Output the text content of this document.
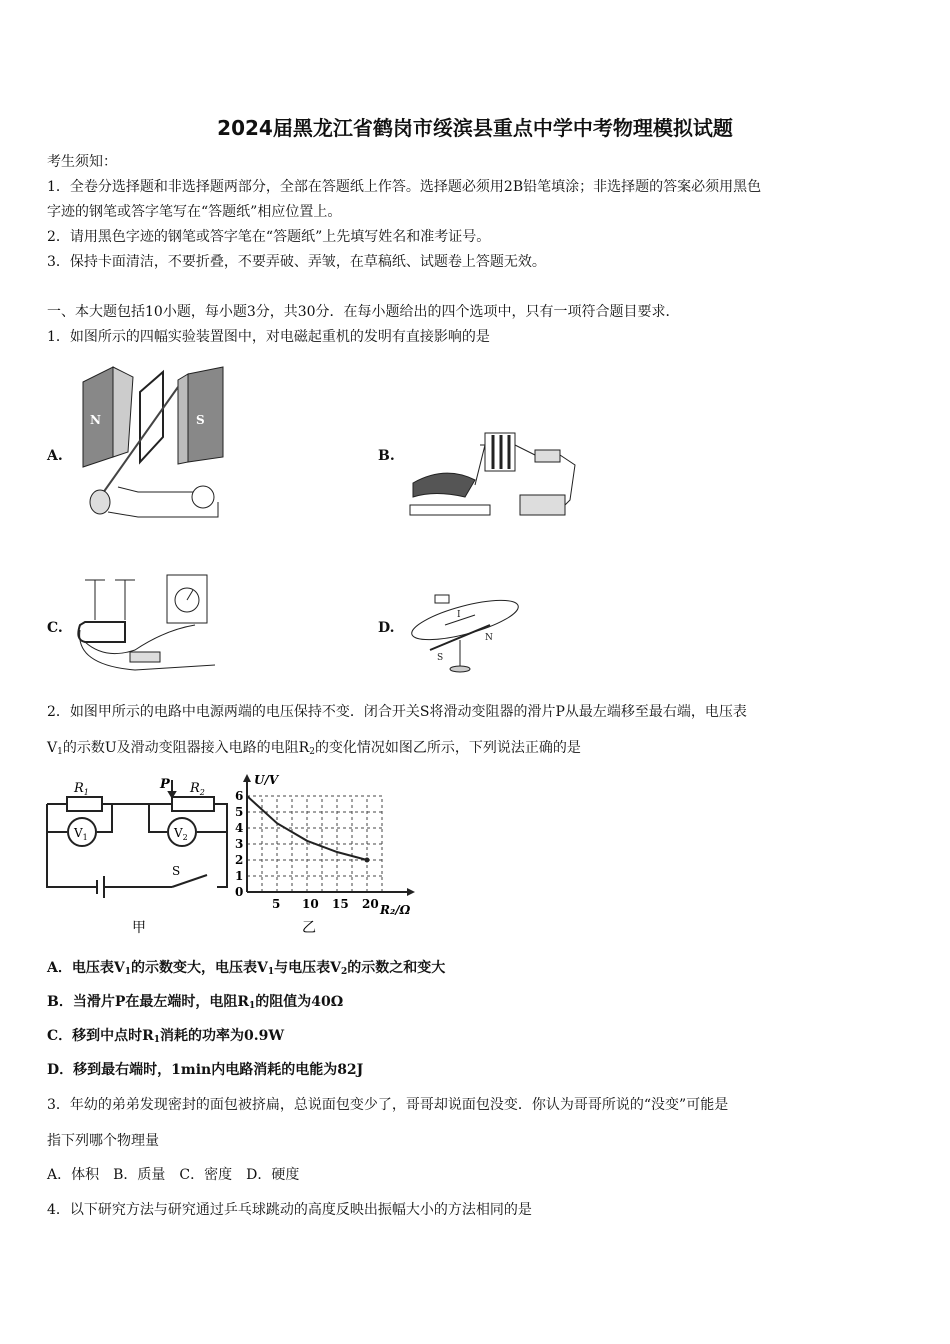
2024届黑龙江省鹤岗市绥滨县重点中学中考物理模拟试题
考生须知：
1．全卷分选择题和非选择题两部分，全部在答题纸上作答。选择题必须用2B铅笔填涂；非选择题的答案必须用黑色
字迹的钢笔或答字笔写在“答题纸”相应位置上。
2．请用黑色字迹的钢笔或答字笔在“答题纸”上先填写姓名和准考证号。
3．保持卡面清洁，不要折叠，不要弄破、弄皱，在草稿纸、试题卷上答题无效。
一、本大题包括10小题，每小题3分，共30分．在每小题给出的四个选项中，只有一项符合题目要求．
1．如图所示的四幅实验装置图中，对电磁起重机的发明有直接影响的是
A.	B.
C.	D.
N	S
I
N
S
2．如图甲所示的电路中电源两端的电压保持不变．闭合开关S将滑动变阻器的滑片P从最左端移至最右端，电压表
$V_1$的示数U及滑动变阻器接入电路的电阻$R_2$的变化情况如图乙所示，下列说法正确的是
$R_1$	$R_2$
P
$V_1$	$V_2$
S
甲
U/V
R₂/Ω
乙
0
1
2
3
4
5
6
5 10 15 20
A．电压表$V_1$的示数变大，电压表$V_1$与电压表$V_2$的示数之和变大
B．当滑片P在最左端时，电阻$R_1$的阻值为40Ω
C．移到中点时$R_1$消耗的功率为0.9W
D．移到最右端时，1min内电路消耗的电能为82J
3．年幼的弟弟发现密封的面包被挤扁，总说面包变少了，哥哥却说面包没变．你认为哥哥所说的“没变”可能是
指下列哪个物理量
A．体积　B．质量　C．密度　D．硬度
4．以下研究方法与研究通过乒乓球跳动的高度反映出振幅大小的方法相同的是
